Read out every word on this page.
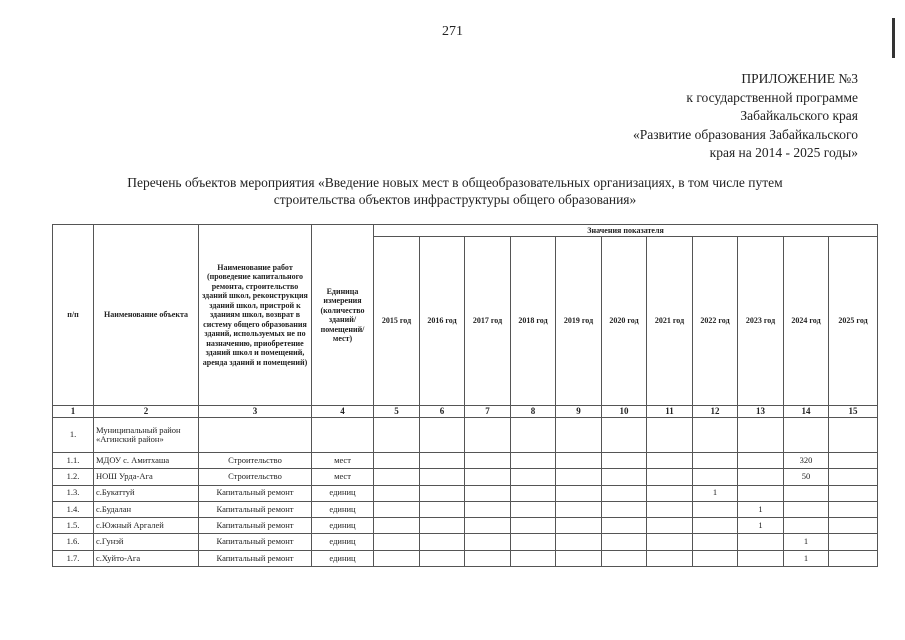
271
ПРИЛОЖЕНИЕ №3
к государственной программе
Забайкальского края
«Развитие образования Забайкальского
края на 2014 - 2025 годы»
Перечень объектов мероприятия «Введение новых мест в общеобразовательных организациях, в том числе путем
строительства объектов инфраструктуры общего образования»
п/п	Наименование объекта	Наименование работ (проведение капитального ремонта, строительство зданий школ, реконструкция зданий школ, пристрой к зданиям школ, возврат в систему общего образования зданий, используемых не по назначению, приобретение зданий школ и помещений, аренда зданий и помещений)	Единица измерения (количество зданий/помещений/ мест)	Значения показателя										
				2015 год	2016 год	2017 год	2018 год	2019 год	2020 год	2021 год	2022 год	2023 год	2024 год	2025 год
1	2	3	4	5	6	7	8	9	10	11	12	13	14	15
1.	Муниципальный район «Агинский район»													
1.1.	МДОУ с. Амитхаша	Строительство	мест										320	
1.2.	НОШ Урда-Ага	Строительство	мест										50	
1.3.	с.Букаттуй	Капитальный ремонт	единиц								1			
1.4.	с.Будалан	Капитальный ремонт	единиц									1		
1.5.	с.Южный Аргалей	Капитальный ремонт	единиц									1		
1.6.	с.Гунэй	Капитальный ремонт	единиц										1	
1.7.	с.Хуйто-Ага	Капитальный ремонт	единиц										1	
